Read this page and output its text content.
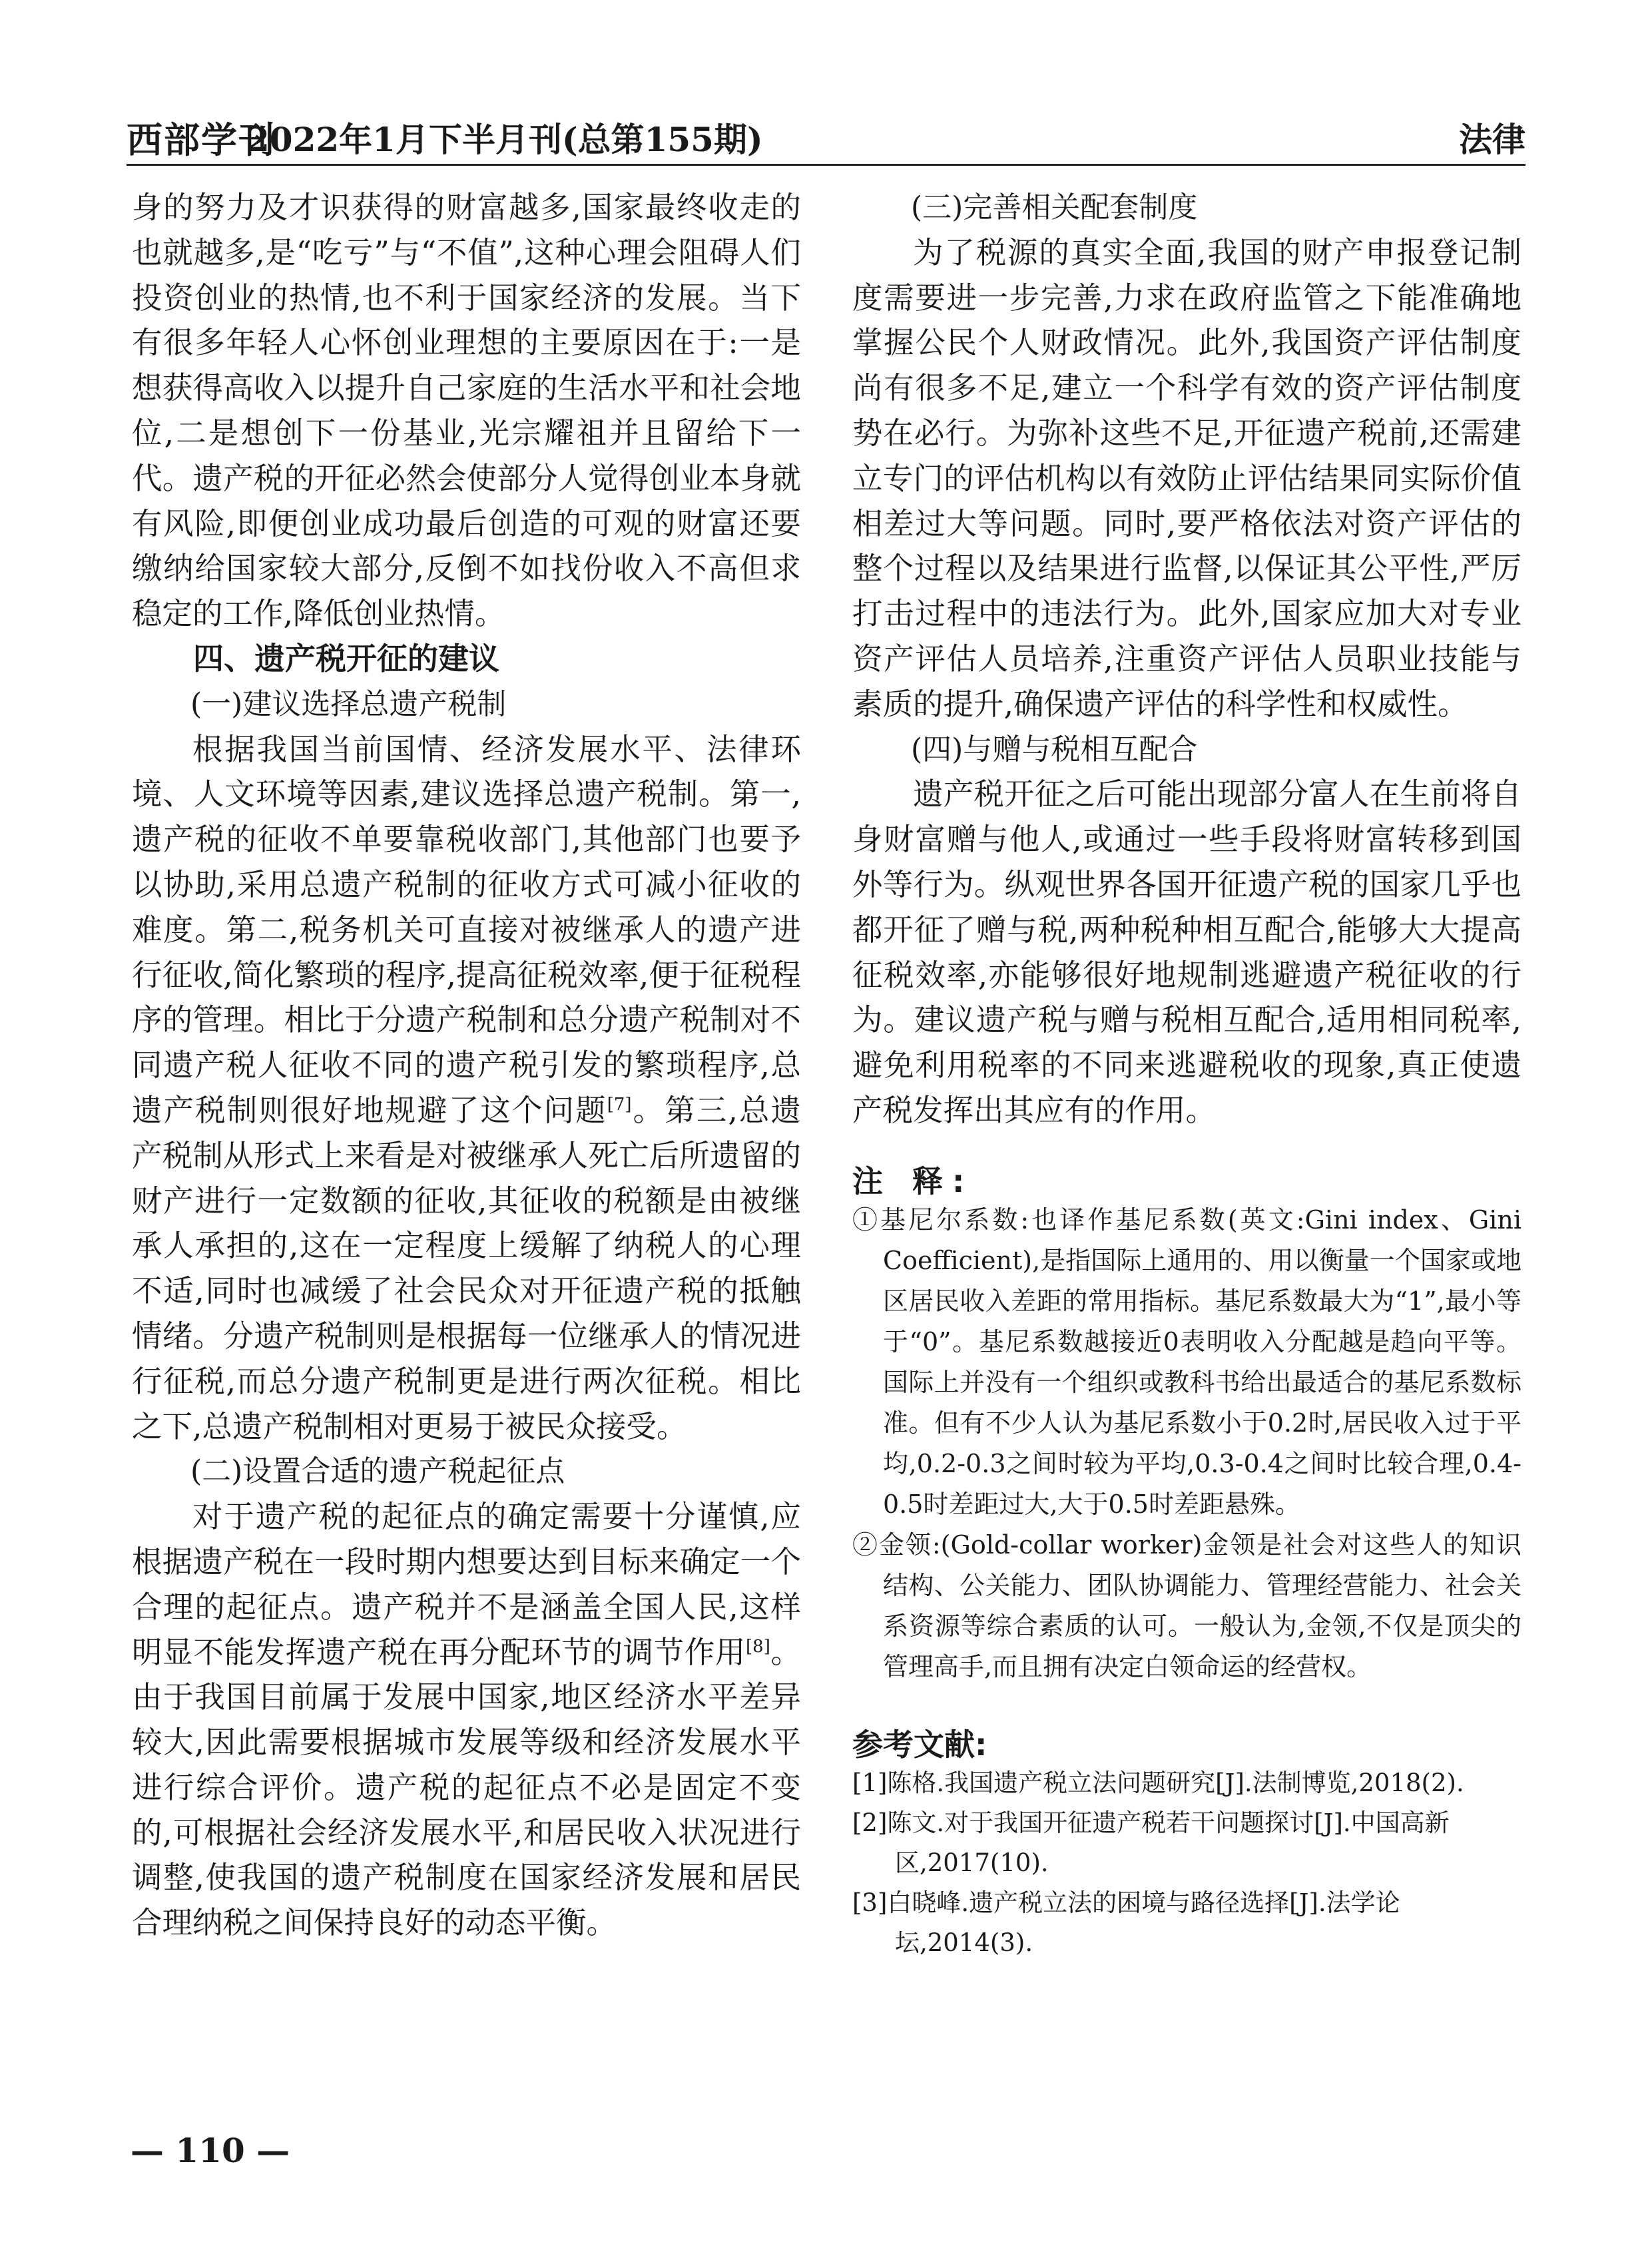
西部学刊
2022年1月下半月刊(总第155期)	法律

身的努力及才识获得的财富越多,国家最终收走的也就越多,是“吃亏”与“不值”,这种心理会阻碍人们投资创业的热情,也不利于国家经济的发展。当下有很多年轻人心怀创业理想的主要原因在于:一是想获得高收入以提升自己家庭的生活水平和社会地位,二是想创下一份基业,光宗耀祖并且留给下一代。遗产税的开征必然会使部分人觉得创业本身就有风险,即便创业成功最后创造的可观的财富还要缴纳给国家较大部分,反倒不如找份收入不高但求稳定的工作,降低创业热情。

四、遗产税开征的建议
(一)建议选择总遗产税制

根据我国当前国情、经济发展水平、法律环境、人文环境等因素,建议选择总遗产税制。第一,遗产税的征收不单要靠税收部门,其他部门也要予以协助,采用总遗产税制的征收方式可减小征收的难度。第二,税务机关可直接对被继承人的遗产进行征收,简化繁琐的程序,提高征税效率,便于征税程序的管理。相比于分遗产税制和总分遗产税制对不同遗产税人征收不同的遗产税引发的繁琐程序,总遗产税制则很好地规避了这个问题[7]。第三,总遗产税制从形式上来看是对被继承人死亡后所遗留的财产进行一定数额的征收,其征收的税额是由被继承人承担的,这在一定程度上缓解了纳税人的心理不适,同时也减缓了社会民众对开征遗产税的抵触情绪。分遗产税制则是根据每一位继承人的情况进行征税,而总分遗产税制更是进行两次征税。相比之下,总遗产税制相对更易于被民众接受。

(二)设置合适的遗产税起征点

对于遗产税的起征点的确定需要十分谨慎,应根据遗产税在一段时期内想要达到目标来确定一个合理的起征点。遗产税并不是涵盖全国人民,这样明显不能发挥遗产税在再分配环节的调节作用[8]。由于我国目前属于发展中国家,地区经济水平差异较大,因此需要根据城市发展等级和经济发展水平进行综合评价。遗产税的起征点不必是固定不变的,可根据社会经济发展水平,和居民收入状况进行调整,使我国的遗产税制度在国家经济发展和居民合理纳税之间保持良好的动态平衡。

(三)完善相关配套制度

为了税源的真实全面,我国的财产申报登记制度需要进一步完善,力求在政府监管之下能准确地掌握公民个人财政情况。此外,我国资产评估制度尚有很多不足,建立一个科学有效的资产评估制度势在必行。为弥补这些不足,开征遗产税前,还需建立专门的评估机构以有效防止评估结果同实际价值相差过大等问题。同时,要严格依法对资产评估的整个过程以及结果进行监督,以保证其公平性,严厉打击过程中的违法行为。此外,国家应加大对专业资产评估人员培养,注重资产评估人员职业技能与素质的提升,确保遗产评估的科学性和权威性。

(四)与赠与税相互配合

遗产税开征之后可能出现部分富人在生前将自身财富赠与他人,或通过一些手段将财富转移到国外等行为。纵观世界各国开征遗产税的国家几乎也都开征了赠与税,两种税种相互配合,能够大大提高征税效率,亦能够很好地规制逃避遗产税征收的行为。建议遗产税与赠与税相互配合,适用相同税率,避免利用税率的不同来逃避税收的现象,真正使遗产税发挥出其应有的作用。

注 释:

①基尼尔系数:也译作基尼系数(英文:Gini index、Gini Coefficient),是指国际上通用的、用以衡量一个国家或地区居民收入差距的常用指标。基尼系数最大为“1”,最小等于“0”。基尼系数越接近0表明收入分配越是趋向平等。国际上并没有一个组织或教科书给出最适合的基尼系数标准。但有不少人认为基尼系数小于0.2时,居民收入过于平均,0.2-0.3之间时较为平均,0.3-0.4之间时比较合理,0.4-0.5时差距过大,大于0.5时差距悬殊。

②金领:(Gold-collar worker)金领是社会对这些人的知识结构、公关能力、团队协调能力、管理经营能力、社会关系资源等综合素质的认可。一般认为,金领,不仅是顶尖的管理高手,而且拥有决定白领命运的经营权。

参考文献:

[1]陈格.我国遗产税立法问题研究[J].法制博览,2018(2).

[2]陈文.对于我国开征遗产税若干问题探讨[J].中国高新区,2017(10).

[3]白晓峰.遗产税立法的困境与路径选择[J].法学论坛,2014(3).

— 110 —
